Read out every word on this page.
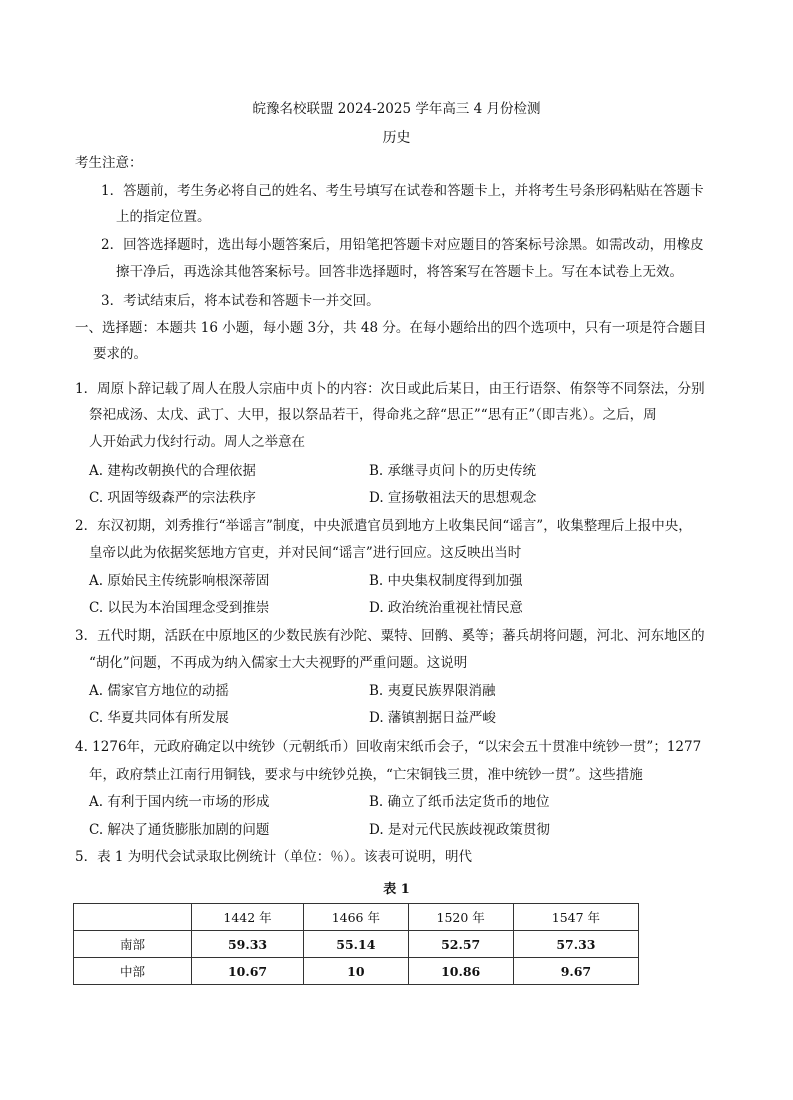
皖豫名校联盟 2024-2025 学年高三 4 月份检测
历史
考生注意：
1．答题前，考生务必将自己的姓名、考生号填写在试卷和答题卡上，并将考生号条形码粘贴在答题卡
上的指定位置。
2．回答选择题时，选出每小题答案后，用铅笔把答题卡对应题目的答案标号涂黑。如需改动，用橡皮
擦干净后，再选涂其他答案标号。回答非选择题时，将答案写在答题卡上。写在本试卷上无效。
3．考试结束后，将本试卷和答题卡一并交回。
一、选择题：本题共 16 小题，每小题 3分，共 48 分。在每小题给出的四个选项中，只有一项是符合题目
要求的。
1．周原卜辞记载了周人在殷人宗庙中贞卜的内容：次日或此后某日，由王行语祭、侑祭等不同祭法，分别
祭祀成汤、太戊、武丁、大甲，报以祭品若干，得命兆之辞“思正”“思有正”（即吉兆）。之后，周
人开始武力伐纣行动。周人之举意在
A. 建构改朝换代的合理依据	B. 承继寻贞问卜的历史传统
C. 巩固等级森严的宗法秩序	D. 宣扬敬祖法天的思想观念
2．东汉初期，刘秀推行“举谣言”制度，中央派遣官员到地方上收集民间“谣言”，收集整理后上报中央，
皇帝以此为依据奖惩地方官吏，并对民间“谣言”进行回应。这反映出当时
A. 原始民主传统影响根深蒂固	B. 中央集权制度得到加强
C. 以民为本治国理念受到推崇	D. 政治统治重视社情民意
3．五代时期，活跃在中原地区的少数民族有沙陀、粟特、回鹘、奚等；蕃兵胡将问题，河北、河东地区的
“胡化”问题，不再成为纳入儒家士大夫视野的严重问题。这说明
A. 儒家官方地位的动摇	B. 夷夏民族界限消融
C. 华夏共同体有所发展	D. 藩镇割据日益严峻
4. 1276年，元政府确定以中统钞（元朝纸币）回收南宋纸币会子，“以宋会五十贯准中统钞一贯”；1277
年，政府禁止江南行用铜钱，要求与中统钞兑换，“亡宋铜钱三贯，准中统钞一贯”。这些措施
A. 有利于国内统一市场的形成	B. 确立了纸币法定货币的地位
C. 解决了通货膨胀加剧的问题	D. 是对元代民族歧视政策贯彻
5．表 1 为明代会试录取比例统计（单位：％）。该表可说明，明代
表 1
	1442 年	1466 年	1520 年	1547 年
南部	59.33	55.14	52.57	57.33
中部	10.67	10	10.86	9.67
